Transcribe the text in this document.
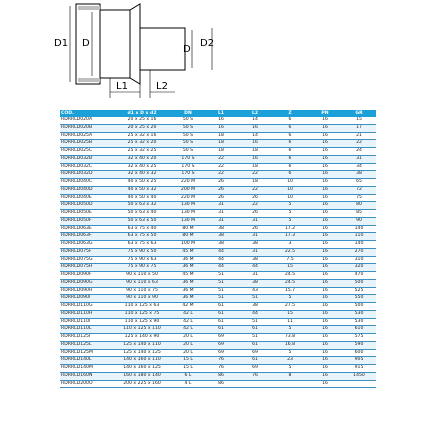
D1 D
D
D2
L1	L2
COD.	d1 x D x d2	DN	L1	L2	Z	PN	GR
RDRRLD020A	20 x 25 x 16	50 S	16	14	6	16	15
RDRRLD020B	20 x 25 x 20	50 S	16	16	6	16	17
RDRRLD025A	25 x 32 x 16	50 S	18	14	6	16	21
RDRRLD025B	25 x 32 x 20	50 S	18	16	6	16	22
RDRRLD025C	25 x 32 x 25	50 S	18	18	6	16	24
RDRRLD032B	32 x 40 x 20	170 S	22	16	6	16	31
RDRRLD032C	32 x 40 x 25	170 S	22	18	6	16	34
RDRRLD032D	32 x 40 x 32	170 S	22	22	6	16	38
RDRRLD040C	40 x 50 x 25	220 M	26	18	10	16	65
RDRRLD040D	40 x 50 x 32	200 M	26	22	10	16	72
RDRRLD040E	40 x 50 x 40	220 M	26	26	10	16	75
RDRRLD050D	50 x 63 x 32	130 M	31	22	5	16	80
RDRRLD050E	50 x 63 x 40	130 M	31	26	5	16	85
RDRRLD050F	50 x 63 x 50	130 M	31	31	5	16	90
RDRRLD063E	63 x 75 x 40	80 M	38	26	17.2	16	140
RDRRLD063F	63 x 75 x 50	80 M	38	31	17.3	16	110
RDRRLD063G	63 x 75 x 63	100 M	38	38	3	16	140
RDRRLD075F	75 x 90 x 50	45 M	44	31	22.5	16	270
RDRRLD075G	75 x 90 x 63	36 M	44	38	7.5	16	310
RDRRLD075H	75 x 90 x 75	36 M	44	44	15	16	320
RDRRLD090F	90 x 110 x 50	45 M	51	31	24.5	16	470
RDRRLD090G	90 x 110 x 63	36 M	51	38	24.5	16	500
RDRRLD090H	90 x 110 x 75	36 M	51	43	15.7	16	525
RDRRLD090I	90 x 110 x 90	36 M	51	51	5	16	550
RDRRLD110G	110 x 125 x 63	42 M	61	38	27.5	16	500
RDRRLD110H	110 x 125 x 75	42 L	61	44	15	16	530
RDRRLD110I	110 x 125 x 90	42 L	61	51	11	16	530
RDRRLD110L	110 x 125 x 110	42 L	61	61	5	16	610
RDRRLD125I	125 x 140 x 90	20 L	69	51	73.8	16	575
RDRRLD125L	125 x 140 x 110	20 L	69	61	16.8	16	590
RDRRLD125M	125 x 140 x 125	20 L	69	69	5	16	600
RDRRLD140L	140 x 160 x 110	15 L	76	61	23	16	905
RDRRLD140M	140 x 160 x 125	15 L	76	69	5	16	915
RDRRLD160N	160 x 180 x 140	6 L	86	76	8	16	1450
RDRRLD200O	200 x 225 x 160	4 L	86			16	
